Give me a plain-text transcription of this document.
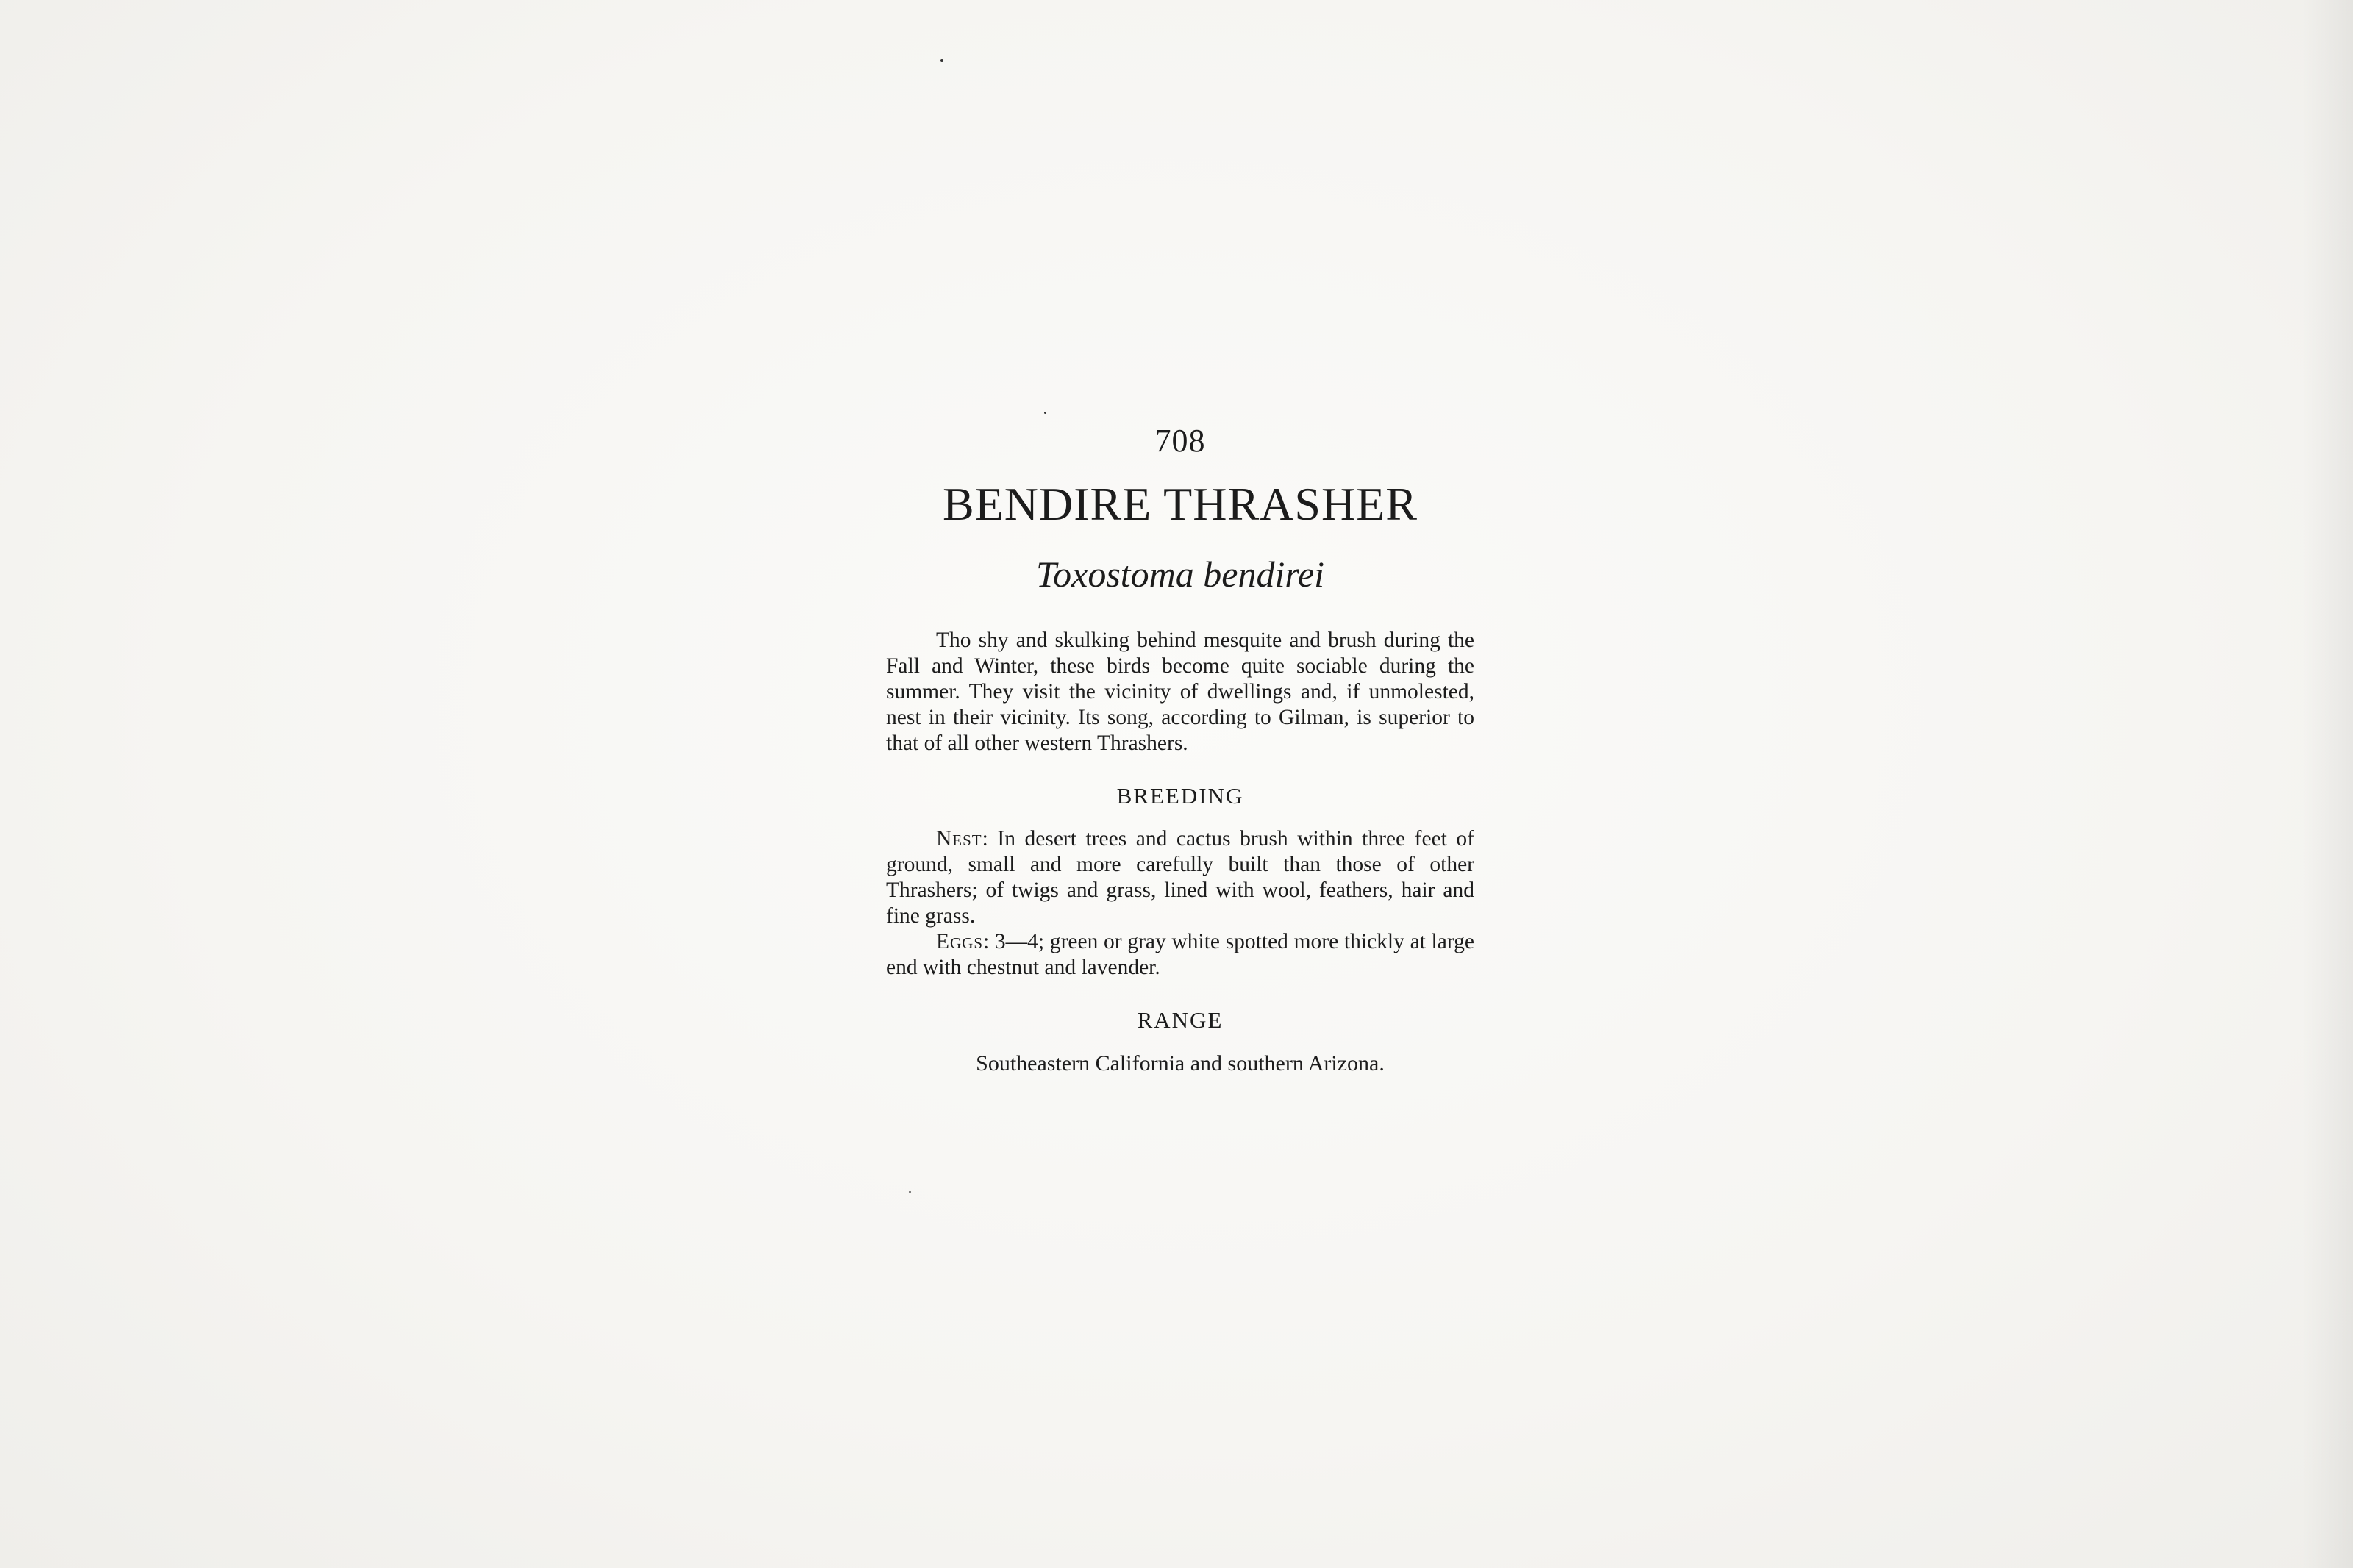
708
BENDIRE THRASHER
Toxostoma bendirei

Tho shy and skulking behind mesquite and brush during the Fall and Winter, these birds become quite sociable during the summer. They visit the vicinity of dwellings and, if unmolested, nest in their vicinity. Its song, according to Gilman, is superior to that of all other western Thrashers.

BREEDING

Nest: In desert trees and cactus brush within three feet of ground, small and more carefully built than those of other Thrashers; of twigs and grass, lined with wool, feathers, hair and fine grass.

Eggs: 3—4; green or gray white spotted more thickly at large end with chestnut and lavender.

RANGE

Southeastern California and southern Arizona.
